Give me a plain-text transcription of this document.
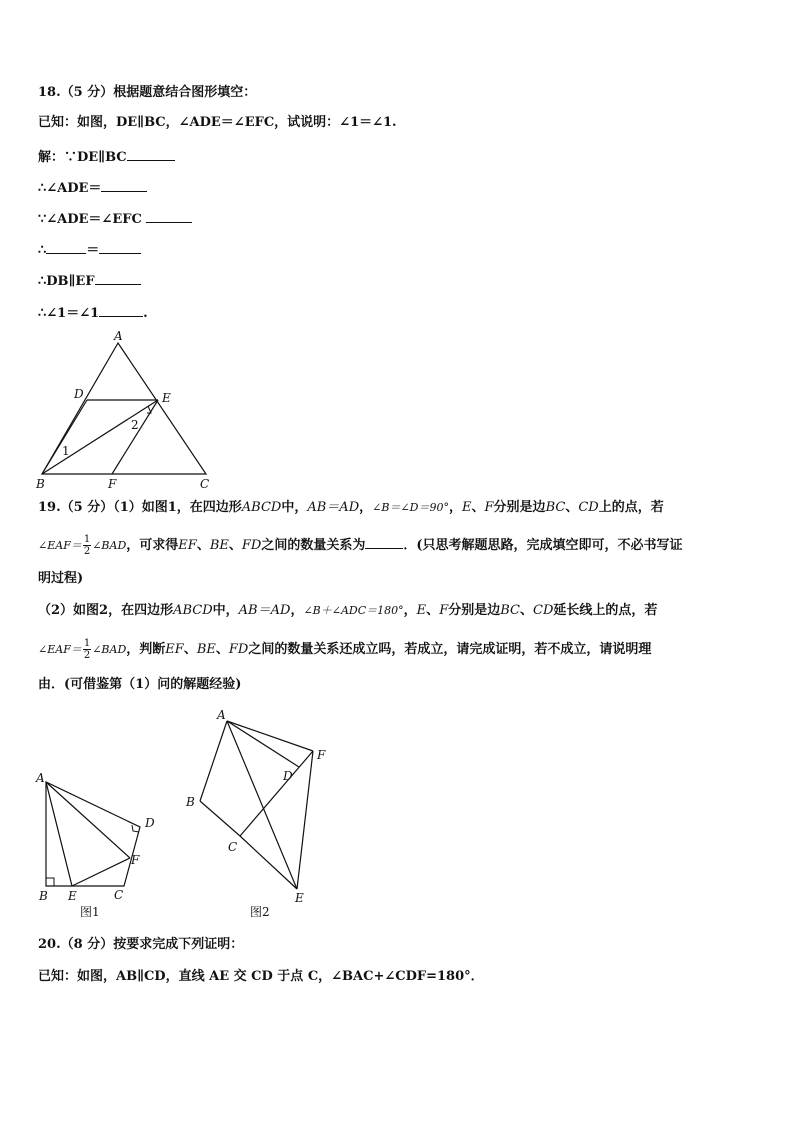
18.（5 分）根据题意结合图形填空：
已知：如图，DE∥BC，∠ADE＝∠EFC，试说明：∠1＝∠1.
解：∵DE∥BC
∴∠ADE＝
∵∠ADE＝∠EFC
∴	＝
∴DB∥EF
∴∠1＝∠1	.
A
D	E
B	F	C
1
2
19.（5 分）（1）如图1，在四边形ABCD中，AB＝AD，∠B＝∠D＝90°，E、F分别是边BC、CD上的点，若
∠EAF＝ $\frac{1}{2}$ ∠BAD，可求得EF、BE、FD之间的数量关系为	．(只思考解题思路，完成填空即可，不必书写证
明过程)
（2）如图2，在四边形ABCD中，AB＝AD，∠B＋∠ADC＝180°，E、F分别是边BC、CD延长线上的点，若
∠EAF＝ $\frac{1}{2}$ ∠BAD，判断EF、BE、FD之间的数量关系还成立吗，若成立，请完成证明，若不成立，请说明理
由．(可借鉴第（1）问的解题经验)
A
B E	C
D
F
图1
A
B
C
D
E
F
图2
20.（8 分）按要求完成下列证明：
已知：如图，AB∥CD，直线 AE 交 CD 于点 C，∠BAC+∠CDF=180°．
